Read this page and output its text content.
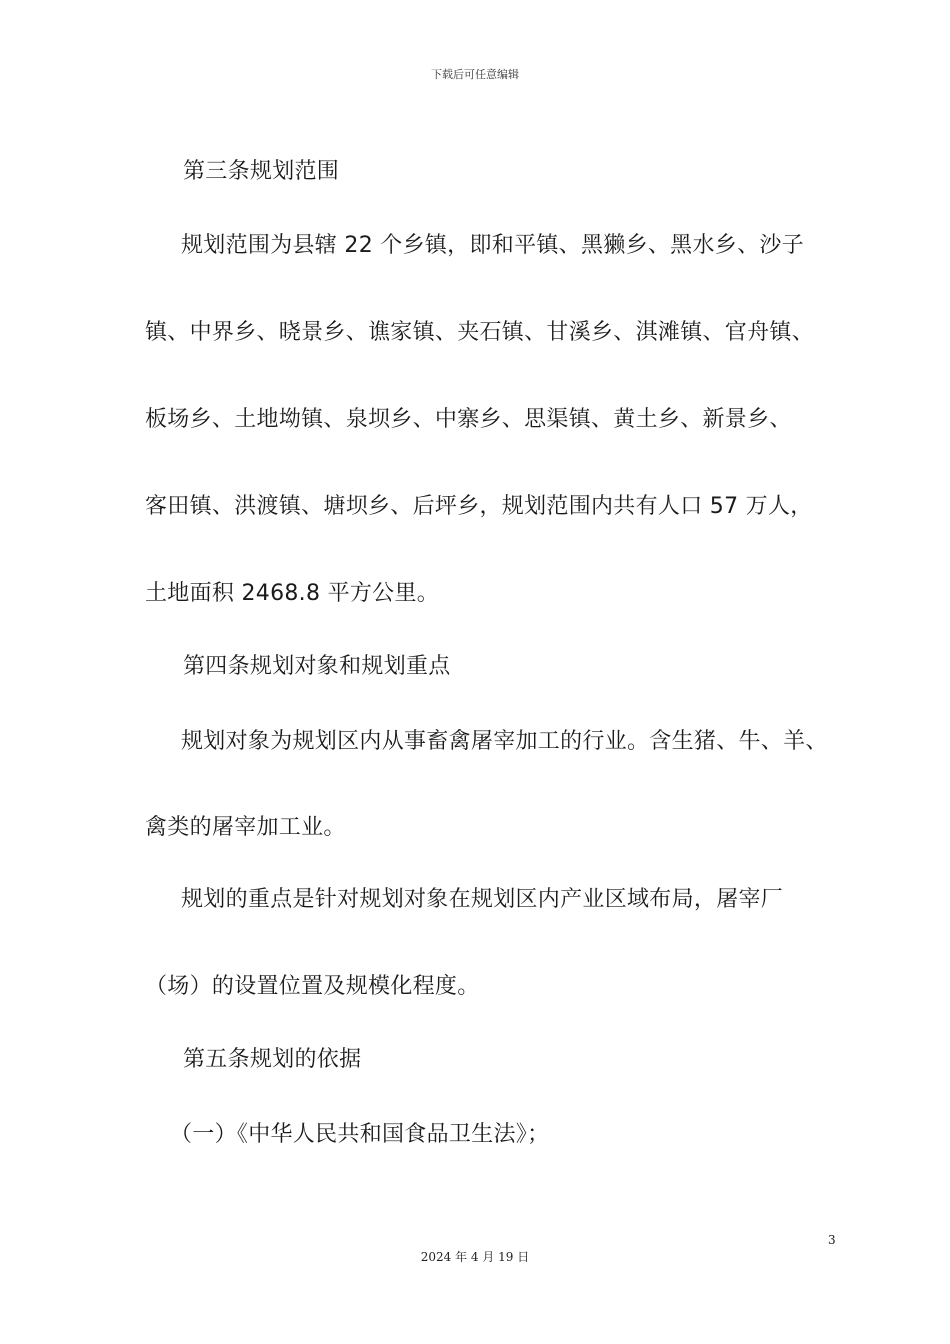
下载后可任意编辑
第三条规划范围
规划范围为县辖 22 个乡镇，即和平镇、黑獭乡、黑水乡、沙子
镇、中界乡、晓景乡、谯家镇、夹石镇、甘溪乡、淇滩镇、官舟镇、
板场乡、土地坳镇、泉坝乡、中寨乡、思渠镇、黄土乡、新景乡、
客田镇、洪渡镇、塘坝乡、后坪乡，规划范围内共有人口 57 万人，
土地面积 2468.8 平方公里。
第四条规划对象和规划重点
规划对象为规划区内从事畜禽屠宰加工的行业。含生猪、牛、羊、
禽类的屠宰加工业。
规划的重点是针对规划对象在规划区内产业区域布局，屠宰厂
（场）的设置位置及规模化程度。
第五条规划的依据
（一）《中华人民共和国食品卫生法》；
3
2024 年 4 月 19 日
